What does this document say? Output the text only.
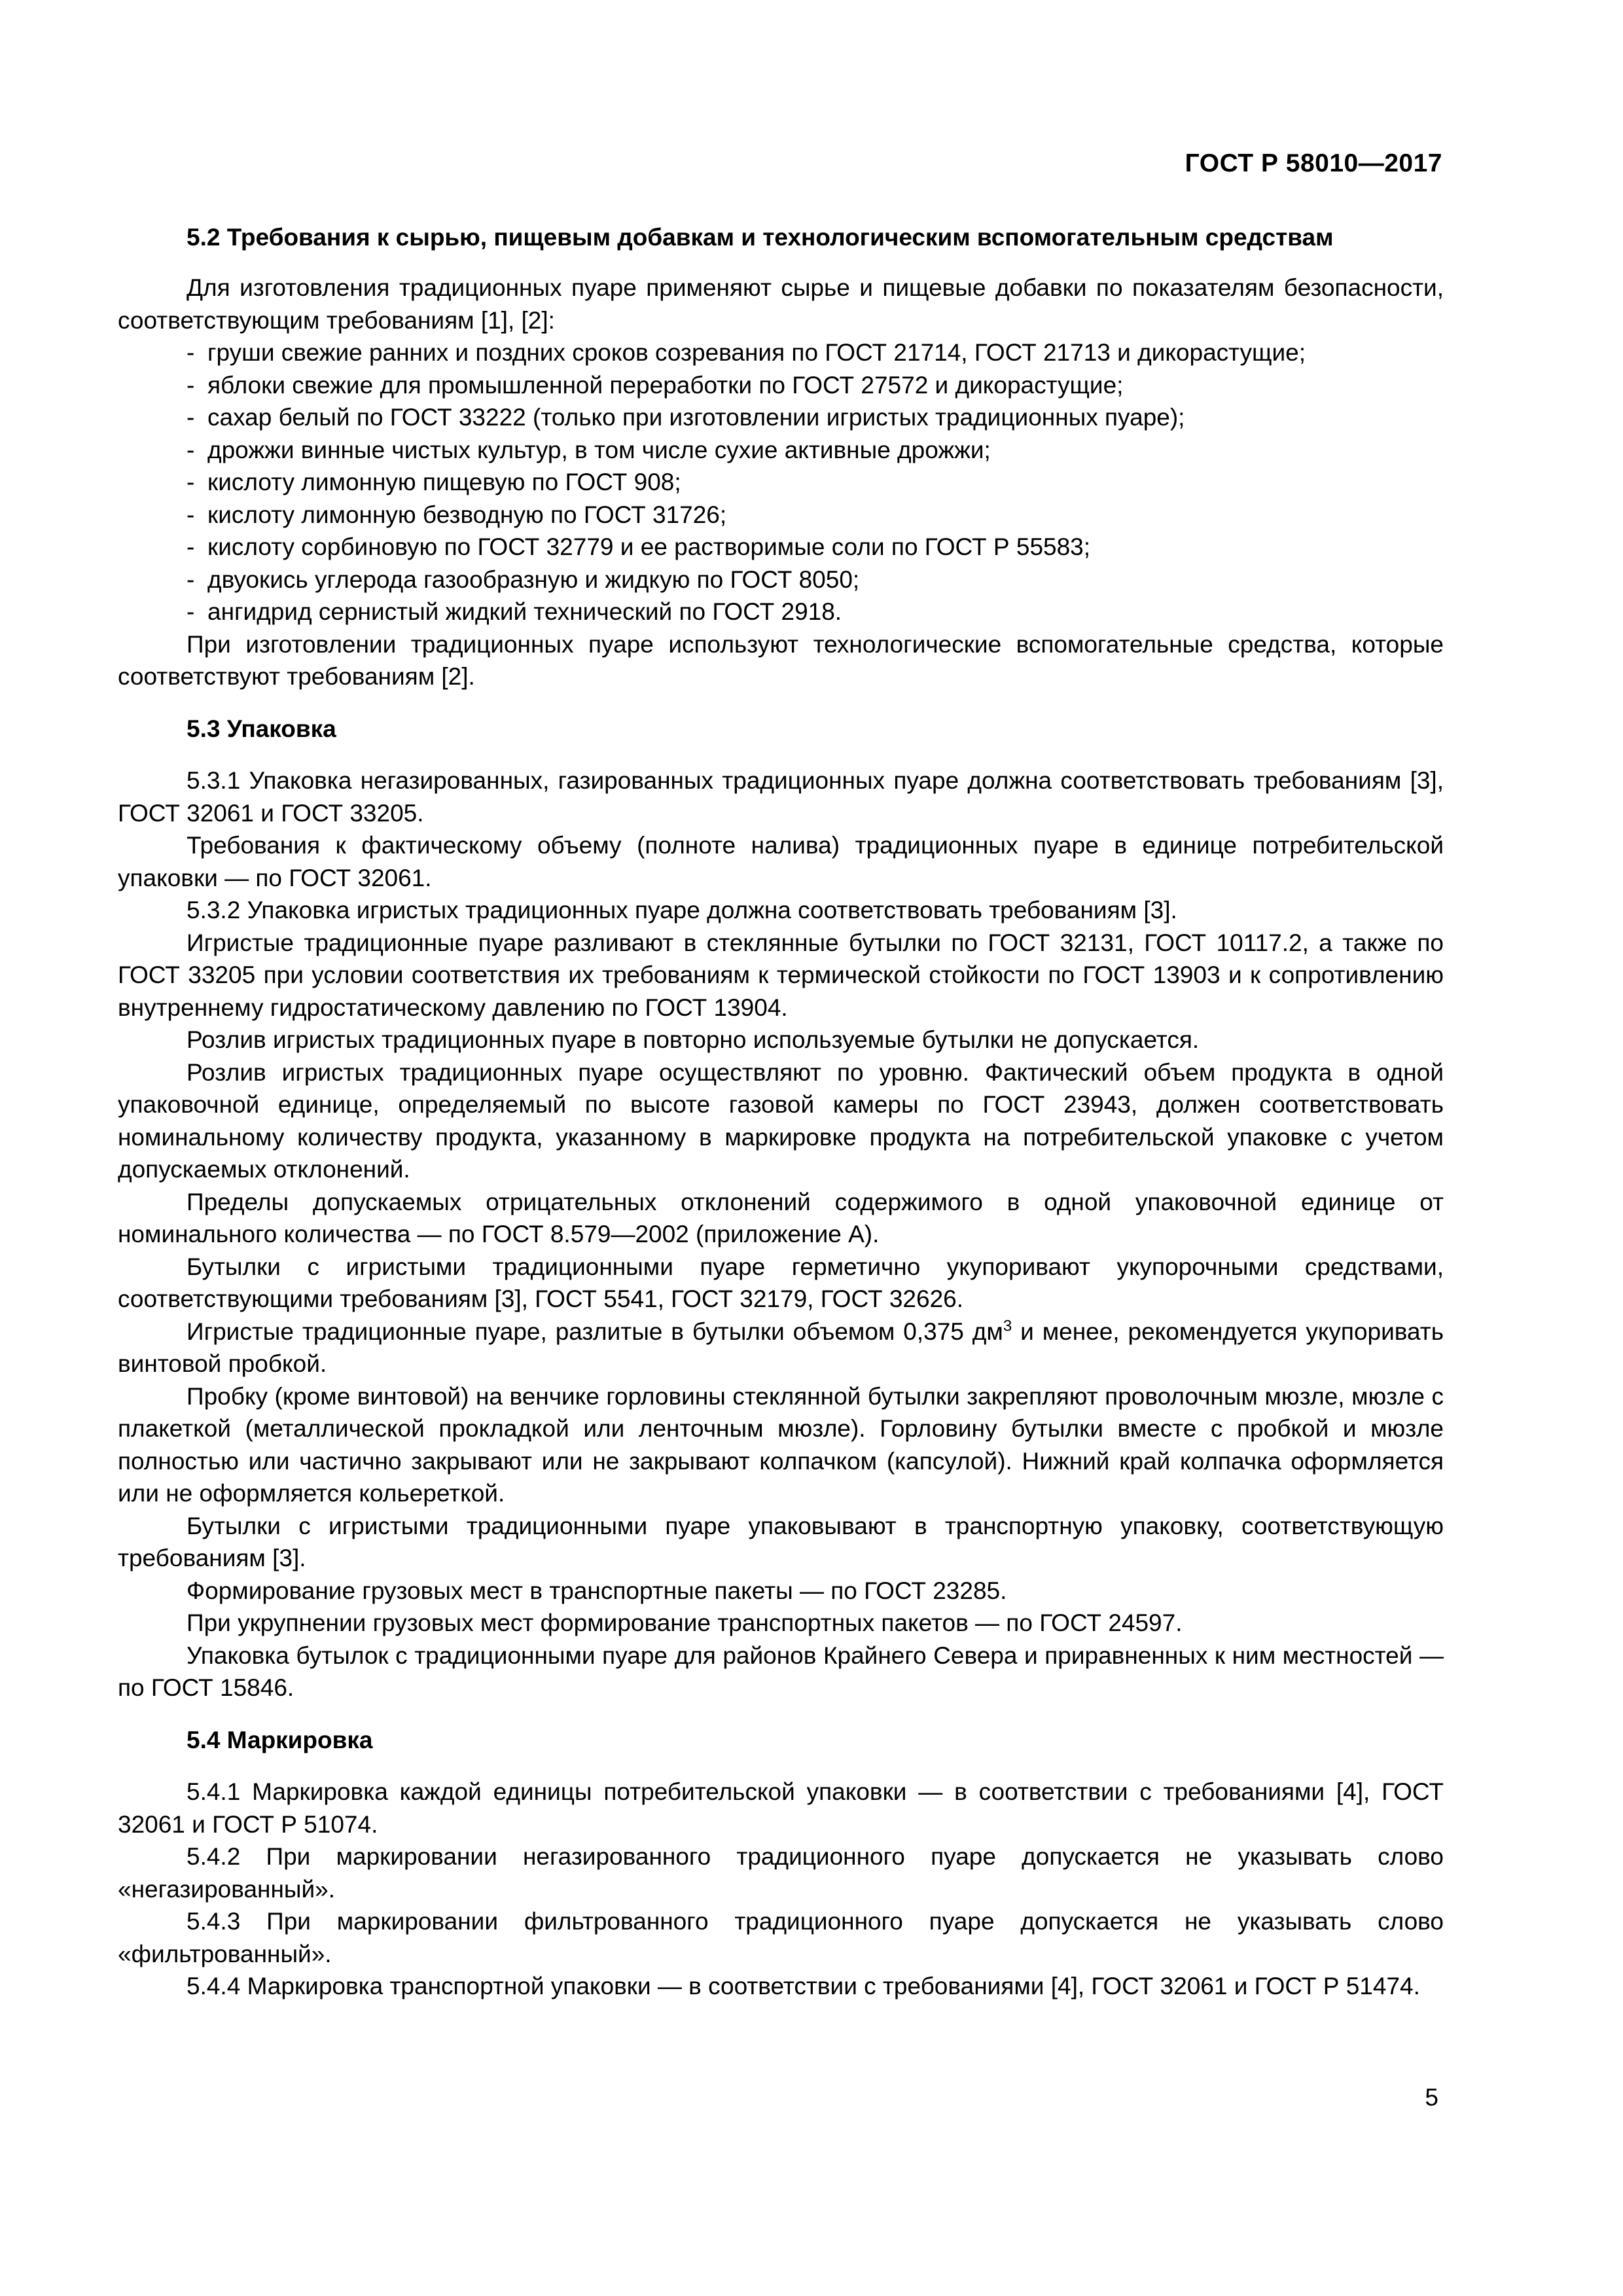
ГОСТ Р 58010—2017

5.2 Требования к сырью, пищевым добавкам и технологическим вспомогательным средствам

Для изготовления традиционных пуаре применяют сырье и пищевые добавки по показателям безопасности, соответствующим требованиям [1], [2]:

- груши свежие ранних и поздних сроков созревания по ГОСТ 21714, ГОСТ 21713 и дикорастущие;

- яблоки свежие для промышленной переработки по ГОСТ 27572 и дикорастущие;

- сахар белый по ГОСТ 33222 (только при изготовлении игристых традиционных пуаре);

- дрожжи винные чистых культур, в том числе сухие активные дрожжи;

- кислоту лимонную пищевую по ГОСТ 908;

- кислоту лимонную безводную по ГОСТ 31726;

- кислоту сорбиновую по ГОСТ 32779 и ее растворимые соли по ГОСТ Р 55583;

- двуокись углерода газообразную и жидкую по ГОСТ 8050;

- ангидрид сернистый жидкий технический по ГОСТ 2918.

При изготовлении традиционных пуаре используют технологические вспомогательные средства, которые соответствуют требованиям [2].

5.3 Упаковка

5.3.1 Упаковка негазированных, газированных традиционных пуаре должна соответствовать требованиям [3], ГОСТ 32061 и ГОСТ 33205.

Требования к фактическому объему (полноте налива) традиционных пуаре в единице потребительской упаковки — по ГОСТ 32061.

5.3.2 Упаковка игристых традиционных пуаре должна соответствовать требованиям [3].

Игристые традиционные пуаре разливают в стеклянные бутылки по ГОСТ 32131, ГОСТ 10117.2, а также по ГОСТ 33205 при условии соответствия их требованиям к термической стойкости по ГОСТ 13903 и к сопротивлению внутреннему гидростатическому давлению по ГОСТ 13904.

Розлив игристых традиционных пуаре в повторно используемые бутылки не допускается.

Розлив игристых традиционных пуаре осуществляют по уровню. Фактический объем продукта в одной упаковочной единице, определяемый по высоте газовой камеры по ГОСТ 23943, должен соответствовать номинальному количеству продукта, указанному в маркировке продукта на потребительской упаковке с учетом допускаемых отклонений.

Пределы допускаемых отрицательных отклонений содержимого в одной упаковочной единице от номинального количества — по ГОСТ 8.579—2002 (приложение А).

Бутылки с игристыми традиционными пуаре герметично укупоривают укупорочными средствами, соответствующими требованиям [3], ГОСТ 5541, ГОСТ 32179, ГОСТ 32626.

Игристые традиционные пуаре, разлитые в бутылки объемом 0,375 $дм^3$ и менее, рекомендуется укупоривать винтовой пробкой.

Пробку (кроме винтовой) на венчике горловины стеклянной бутылки закрепляют проволочным мюзле, мюзле с плакеткой (металлической прокладкой или ленточным мюзле). Горловину бутылки вместе с пробкой и мюзле полностью или частично закрывают или не закрывают колпачком (капсулой). Нижний край колпачка оформляется или не оформляется кольереткой.

Бутылки с игристыми традиционными пуаре упаковывают в транспортную упаковку, соответствующую требованиям [3].

Формирование грузовых мест в транспортные пакеты — по ГОСТ 23285.

При укрупнении грузовых мест формирование транспортных пакетов — по ГОСТ 24597.

Упаковка бутылок с традиционными пуаре для районов Крайнего Севера и приравненных к ним местностей — по ГОСТ 15846.

5.4 Маркировка

5.4.1 Маркировка каждой единицы потребительской упаковки — в соответствии с требованиями [4], ГОСТ 32061 и ГОСТ Р 51074.

5.4.2 При маркировании негазированного традиционного пуаре допускается не указывать слово «негазированный».

5.4.3 При маркировании фильтрованного традиционного пуаре допускается не указывать слово «фильтрованный».

5.4.4 Маркировка транспортной упаковки — в соответствии с требованиями [4], ГОСТ 32061 и ГОСТ Р 51474.

5
